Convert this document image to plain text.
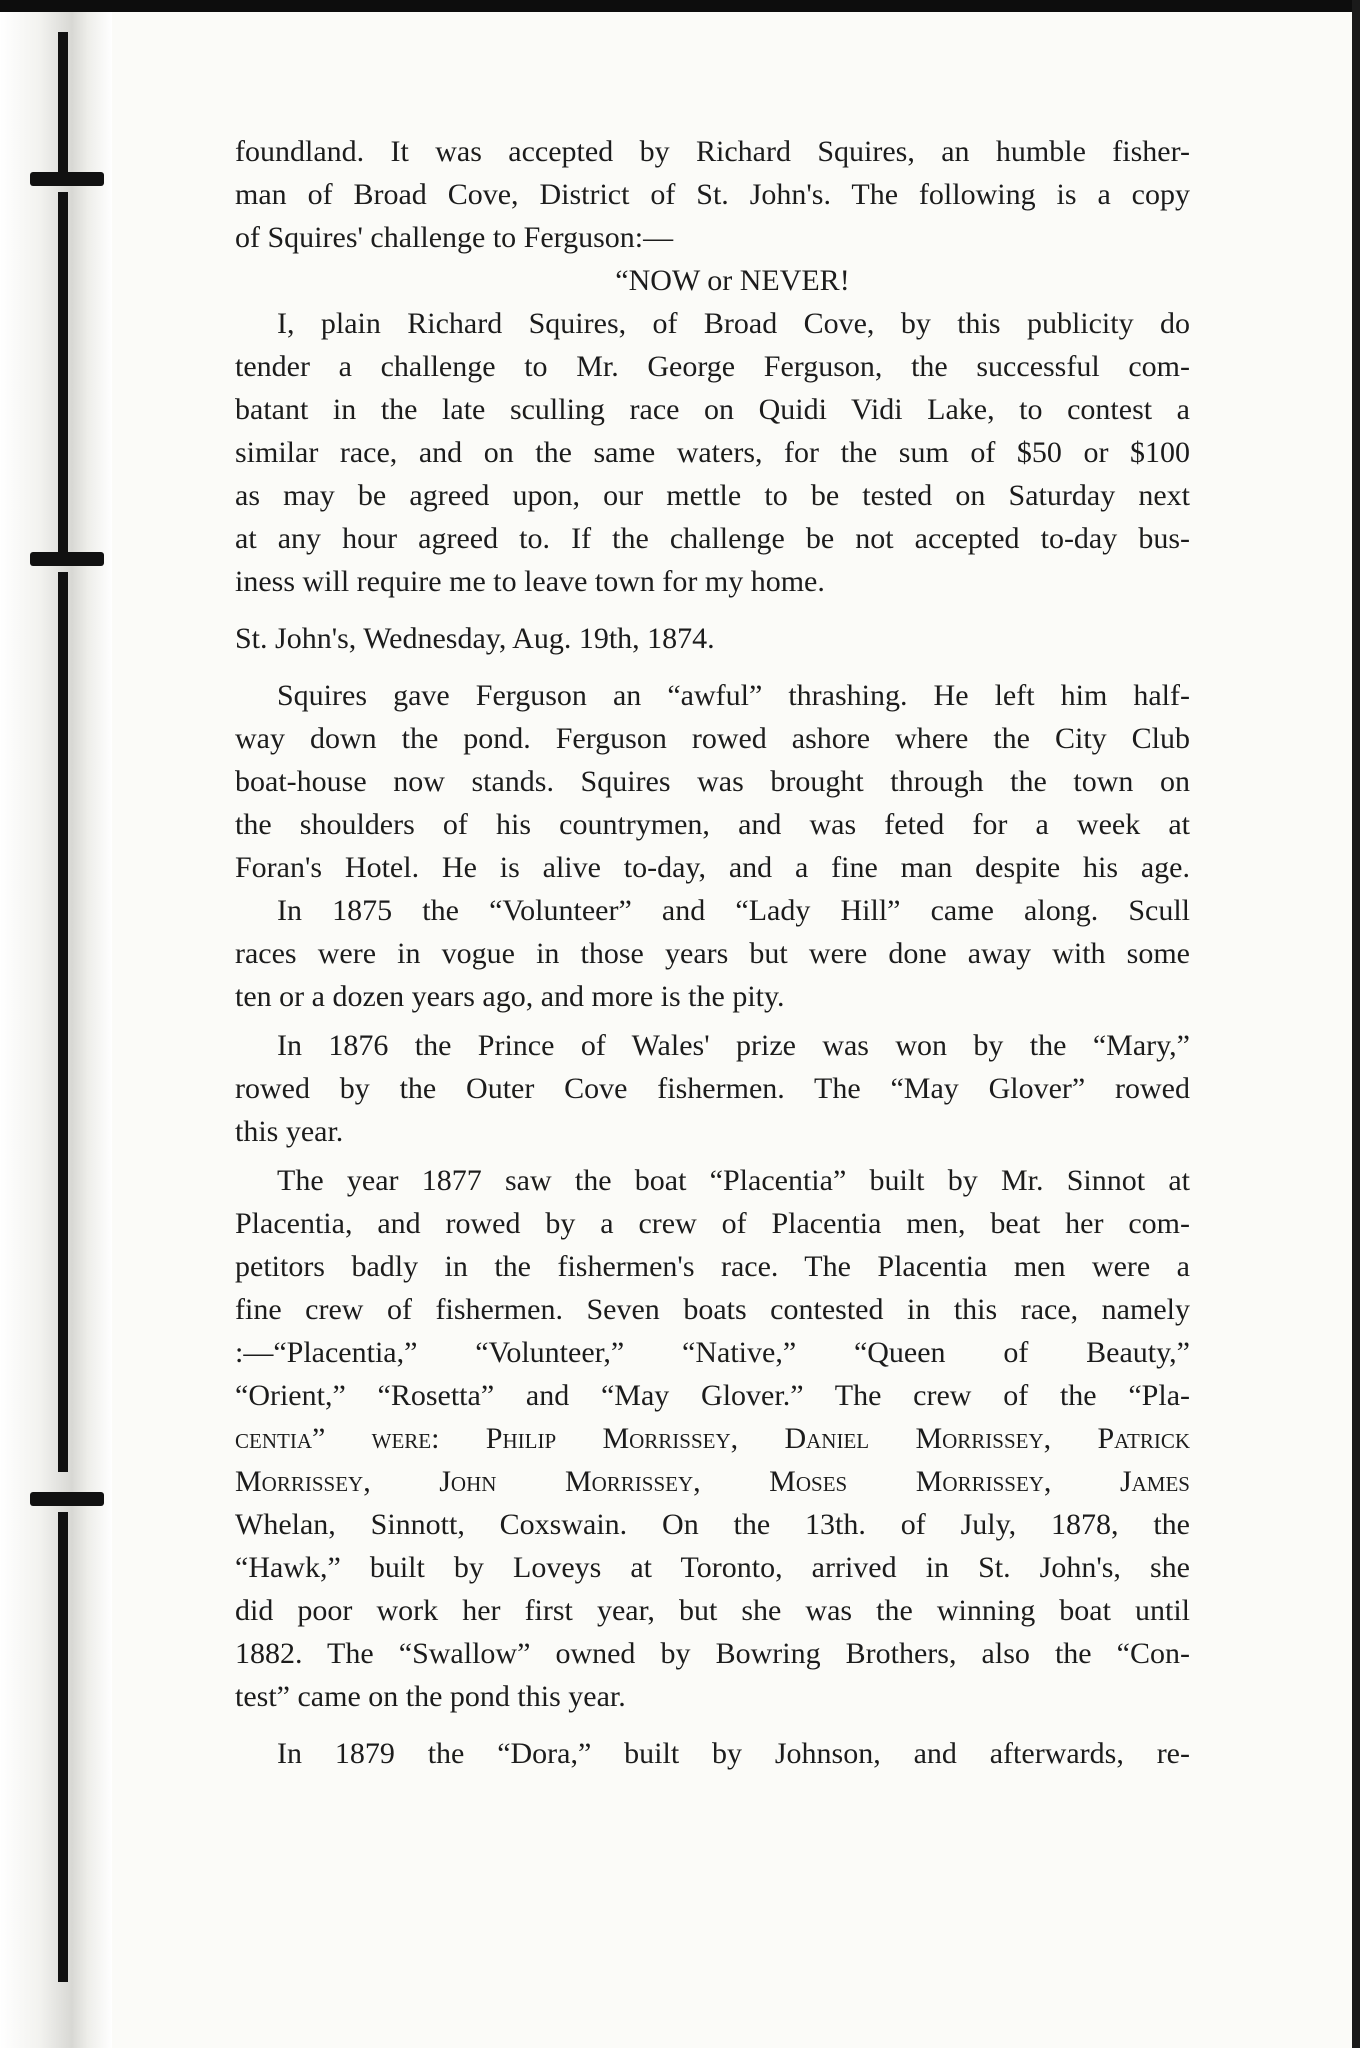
foundland. It was accepted by Richard Squires, an humble fisher-
man of Broad Cove, District of St. John's. The following is a copy
of Squires' challenge to Ferguson:—
“NOW or NEVER!
I, plain Richard Squires, of Broad Cove, by this publicity do
tender a challenge to Mr. George Ferguson, the successful com-
batant in the late sculling race on Quidi Vidi Lake, to contest a
similar race, and on the same waters, for the sum of $50 or $100
as may be agreed upon, our mettle to be tested on Saturday next
at any hour agreed to. If the challenge be not accepted to-day bus-
iness will require me to leave town for my home.
St. John's, Wednesday, Aug. 19th, 1874.
Squires gave Ferguson an “awful” thrashing. He left him half-
way down the pond. Ferguson rowed ashore where the City Club
boat-house now stands. Squires was brought through the town on
the shoulders of his countrymen, and was feted for a week at
Foran's Hotel. He is alive to-day, and a fine man despite his age.
In 1875 the “Volunteer” and “Lady Hill” came along. Scull
races were in vogue in those years but were done away with some
ten or a dozen years ago, and more is the pity.
In 1876 the Prince of Wales' prize was won by the “Mary,”
rowed by the Outer Cove fishermen. The “May Glover” rowed
this year.
The year 1877 saw the boat “Placentia” built by Mr. Sinnot at
Placentia, and rowed by a crew of Placentia men, beat her com-
petitors badly in the fishermen's race. The Placentia men were a
fine crew of fishermen. Seven boats contested in this race, namely
:—“Placentia,” “Volunteer,” “Native,” “Queen of Beauty,”
“Orient,” “Rosetta” and “May Glover.” The crew of the “Pla-
centia” were: Philip Morrissey, Daniel Morrissey, Patrick
Morrissey, John Morrissey, Moses Morrissey, James
Whelan, Sinnott, Coxswain. On the 13th. of July, 1878, the
“Hawk,” built by Loveys at Toronto, arrived in St. John's, she
did poor work her first year, but she was the winning boat until
1882. The “Swallow” owned by Bowring Brothers, also the “Con-
test” came on the pond this year.
In 1879 the “Dora,” built by Johnson, and afterwards, re-
